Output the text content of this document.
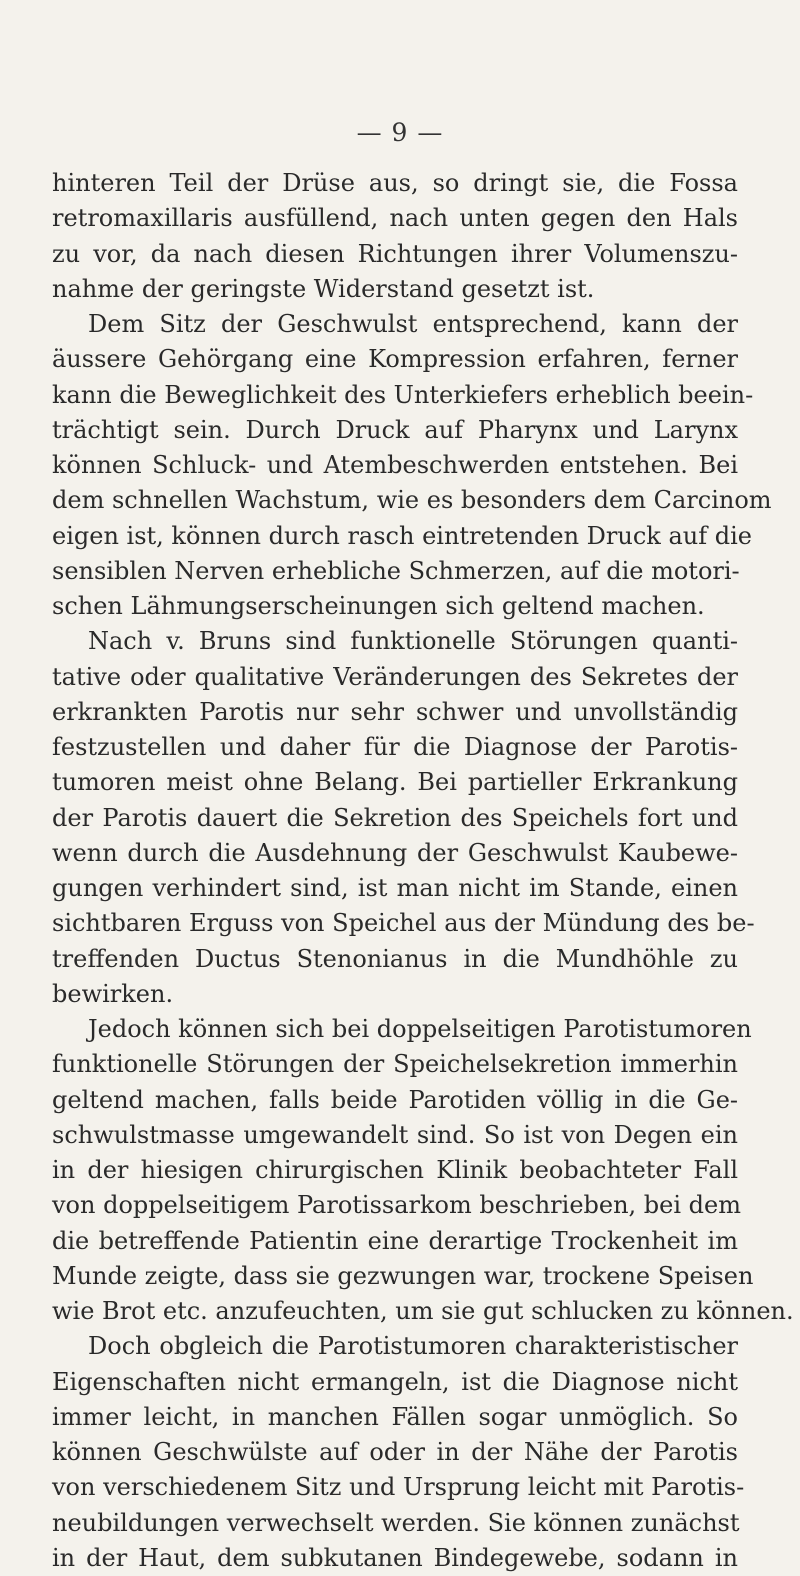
— 9 —
hinteren Teil der Drüse aus, so dringt sie, die Fossa
retromaxillaris ausfüllend, nach unten gegen den Hals
zu vor, da nach diesen Richtungen ihrer Volumenszu-
nahme der geringste Widerstand gesetzt ist.
Dem Sitz der Geschwulst entsprechend, kann der
äussere Gehörgang eine Kompression erfahren, ferner
kann die Beweglichkeit des Unterkiefers erheblich beein-
trächtigt sein. Durch Druck auf Pharynx und Larynx
können Schluck- und Atembeschwerden entstehen. Bei
dem schnellen Wachstum, wie es besonders dem Carcinom
eigen ist, können durch rasch eintretenden Druck auf die
sensiblen Nerven erhebliche Schmerzen, auf die motori-
schen Lähmungserscheinungen sich geltend machen.
Nach v. Bruns sind funktionelle Störungen quanti-
tative oder qualitative Veränderungen des Sekretes der
erkrankten Parotis nur sehr schwer und unvollständig
festzustellen und daher für die Diagnose der Parotis-
tumoren meist ohne Belang. Bei partieller Erkrankung
der Parotis dauert die Sekretion des Speichels fort und
wenn durch die Ausdehnung der Geschwulst Kaubewe-
gungen verhindert sind, ist man nicht im Stande, einen
sichtbaren Erguss von Speichel aus der Mündung des be-
treffenden Ductus Stenonianus in die Mundhöhle zu
bewirken.
Jedoch können sich bei doppelseitigen Parotistumoren
funktionelle Störungen der Speichelsekretion immerhin
geltend machen, falls beide Parotiden völlig in die Ge-
schwulstmasse umgewandelt sind. So ist von Degen ein
in der hiesigen chirurgischen Klinik beobachteter Fall
von doppelseitigem Parotissarkom beschrieben, bei dem
die betreffende Patientin eine derartige Trockenheit im
Munde zeigte, dass sie gezwungen war, trockene Speisen
wie Brot etc. anzufeuchten, um sie gut schlucken zu können.
Doch obgleich die Parotistumoren charakteristischer
Eigenschaften nicht ermangeln, ist die Diagnose nicht
immer leicht, in manchen Fällen sogar unmöglich. So
können Geschwülste auf oder in der Nähe der Parotis
von verschiedenem Sitz und Ursprung leicht mit Parotis-
neubildungen verwechselt werden. Sie können zunächst
in der Haut, dem subkutanen Bindegewebe, sodann in
